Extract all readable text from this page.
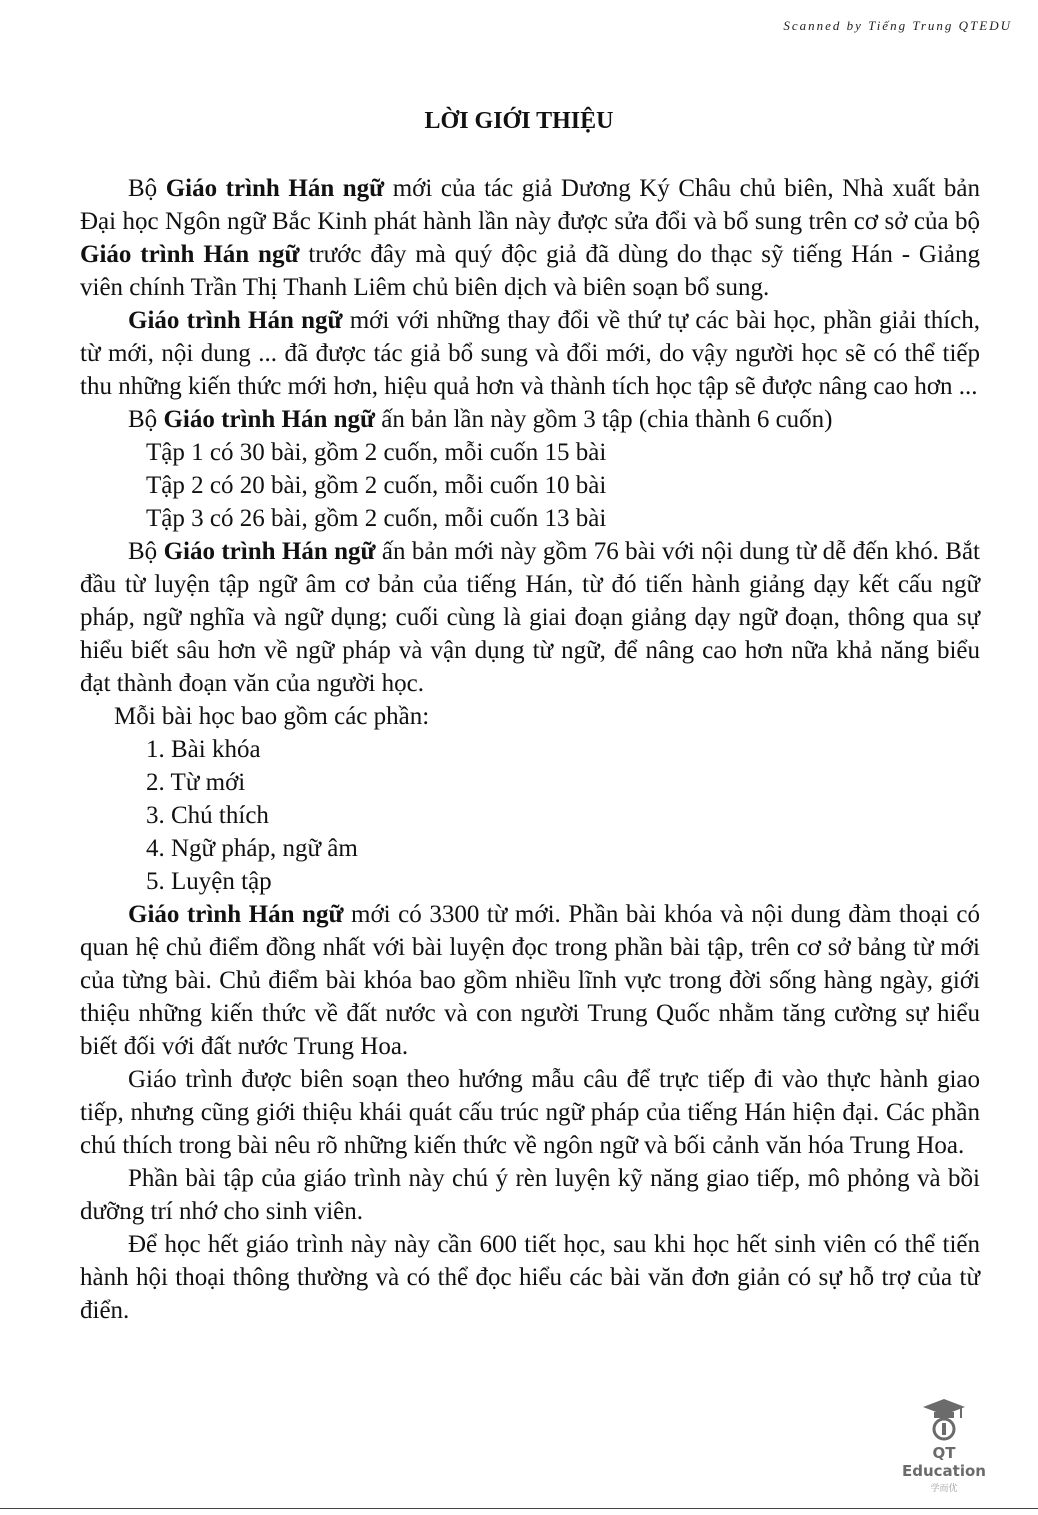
Scanned by Tiếng Trung QTEDU
LỜI GIỚI THIỆU

Bộ Giáo trình Hán ngữ mới của tác giả Dương Ký Châu chủ biên, Nhà xuất bản Đại học Ngôn ngữ Bắc Kinh phát hành lần này được sửa đổi và bổ sung trên cơ sở của bộ Giáo trình Hán ngữ trước đây mà quý độc giả đã dùng do thạc sỹ tiếng Hán - Giảng viên chính Trần Thị Thanh Liêm chủ biên dịch và biên soạn bổ sung.

Giáo trình Hán ngữ mới với những thay đổi về thứ tự các bài học, phần giải thích, từ mới, nội dung ... đã được tác giả bổ sung và đổi mới, do vậy người học sẽ có thể tiếp thu những kiến thức mới hơn, hiệu quả hơn và thành tích học tập sẽ được nâng cao hơn ...

Bộ Giáo trình Hán ngữ ấn bản lần này gồm 3 tập (chia thành 6 cuốn)

Tập 1 có 30 bài, gồm 2 cuốn, mỗi cuốn 15 bài

Tập 2 có 20 bài, gồm 2 cuốn, mỗi cuốn 10 bài

Tập 3 có 26 bài, gồm 2 cuốn, mỗi cuốn 13 bài

Bộ Giáo trình Hán ngữ ấn bản mới này gồm 76 bài với nội dung từ dễ đến khó. Bắt đầu từ luyện tập ngữ âm cơ bản của tiếng Hán, từ đó tiến hành giảng dạy kết cấu ngữ pháp, ngữ nghĩa và ngữ dụng; cuối cùng là giai đoạn giảng dạy ngữ đoạn, thông qua sự hiểu biết sâu hơn về ngữ pháp và vận dụng từ ngữ, để nâng cao hơn nữa khả năng biểu đạt thành đoạn văn của người học.

Mỗi bài học bao gồm các phần:

1. Bài khóa

2. Từ mới

3. Chú thích

4. Ngữ pháp, ngữ âm

5. Luyện tập

Giáo trình Hán ngữ mới có 3300 từ mới. Phần bài khóa và nội dung đàm thoại có quan hệ chủ điểm đồng nhất với bài luyện đọc trong phần bài tập, trên cơ sở bảng từ mới của từng bài. Chủ điểm bài khóa bao gồm nhiều lĩnh vực trong đời sống hàng ngày, giới thiệu những kiến thức về đất nước và con người Trung Quốc nhằm tăng cường sự hiểu biết đối với đất nước Trung Hoa.

Giáo trình được biên soạn theo hướng mẫu câu để trực tiếp đi vào thực hành giao tiếp, nhưng cũng giới thiệu khái quát cấu trúc ngữ pháp của tiếng Hán hiện đại. Các phần chú thích trong bài nêu rõ những kiến thức về ngôn ngữ và bối cảnh văn hóa Trung Hoa.

Phần bài tập của giáo trình này chú ý rèn luyện kỹ năng giao tiếp, mô phỏng và bồi dưỡng trí nhớ cho sinh viên.

Để học hết giáo trình này này cần 600 tiết học, sau khi học hết sinh viên có thể tiến hành hội thoại thông thường và có thể đọc hiểu các bài văn đơn giản có sự hỗ trợ của từ điển.

QT Education
学而优
